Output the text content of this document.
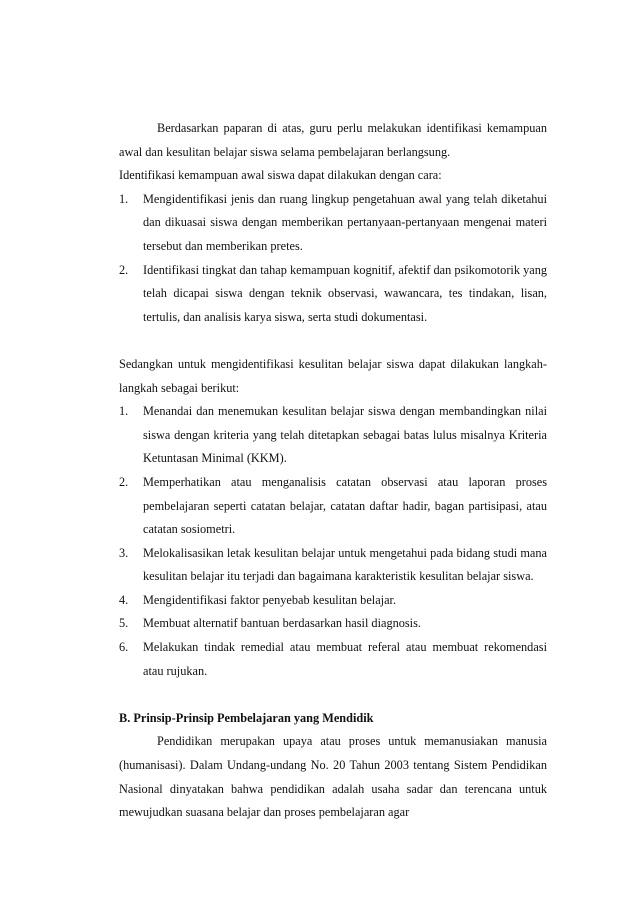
Berdasarkan paparan di atas, guru perlu melakukan identifikasi kemampuan awal dan kesulitan belajar siswa selama pembelajaran berlangsung.

Identifikasi kemampuan awal siswa dapat dilakukan dengan cara:

1. Mengidentifikasi jenis dan ruang lingkup pengetahuan awal yang telah diketahui dan dikuasai siswa dengan memberikan pertanyaan-pertanyaan mengenai materi tersebut dan memberikan pretes.
2. Identifikasi tingkat dan tahap kemampuan kognitif, afektif dan psikomotorik yang telah dicapai siswa dengan teknik observasi, wawancara, tes tindakan, lisan, tertulis, dan analisis karya siswa, serta studi dokumentasi.

Sedangkan untuk mengidentifikasi kesulitan belajar siswa dapat dilakukan langkah-langkah sebagai berikut:

1. Menandai dan menemukan kesulitan belajar siswa dengan membandingkan nilai siswa dengan kriteria yang telah ditetapkan sebagai batas lulus misalnya Kriteria Ketuntasan Minimal (KKM).
2. Memperhatikan atau menganalisis catatan observasi atau laporan proses pembelajaran seperti catatan belajar, catatan daftar hadir, bagan partisipasi, atau catatan sosiometri.
3. Melokalisasikan letak kesulitan belajar untuk mengetahui pada bidang studi mana kesulitan belajar itu terjadi dan bagaimana karakteristik kesulitan belajar siswa.
4. Mengidentifikasi faktor penyebab kesulitan belajar.
5. Membuat alternatif bantuan berdasarkan hasil diagnosis.
6. Melakukan tindak remedial atau membuat referal atau membuat rekomendasi atau rujukan.

B. Prinsip-Prinsip Pembelajaran yang Mendidik

Pendidikan merupakan upaya atau proses untuk memanusiakan manusia (humanisasi). Dalam Undang-undang No. 20 Tahun 2003 tentang Sistem Pendidikan Nasional dinyatakan bahwa pendidikan adalah usaha sadar dan terencana untuk mewujudkan suasana belajar dan proses pembelajaran agar
